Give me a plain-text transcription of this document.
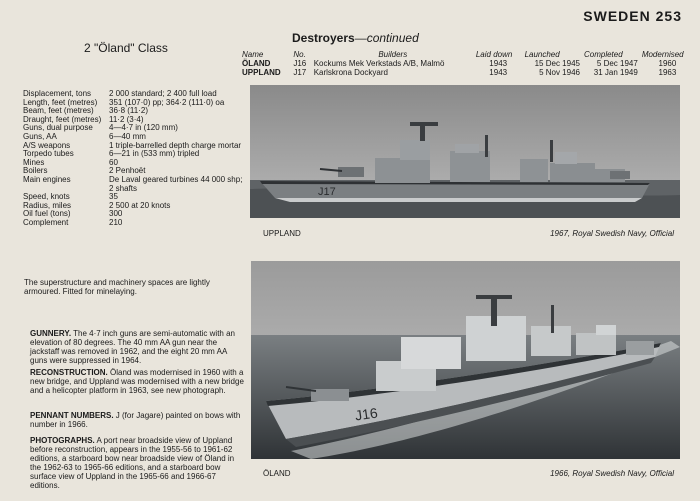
SWEDEN 253
Destroyers—continued
2 "Öland" Class	Name	No.	Builders	Laid down	Launched	Completed	Modernised
ÖLAND	J16	Kockums Mek Verkstads A/B, Malmö	1943	15 Dec 1945	5 Dec 1947	1960
UPPLAND	J17	Karlskrona Dockyard	1943	5 Nov 1946	31 Jan 1949	1963
Displacement, tons	2 000 standard; 2 400 full load
Length, feet (metres)	351 (107·0) pp; 364·2 (111·0) oa
Beam, feet (metres)	36·8 (11·2)
Draught, feet (metres) 11·2 (3·4)
Guns, dual purpose	4—4·7 in (120 mm)
Guns, AA	6—40 mm
A/S weapons	1 triple-barrelled depth charge mortar
Torpedo tubes	6—21 in (533 mm) tripled
Mines	60
Boilers	2 Penhoët
Main engines	De Laval geared turbines 44 000 shp; 2 shafts
Speed, knots	35
Radius, miles	2 500 at 20 knots
Oil fuel (tons)	300
Complement	210
The superstructure and machinery spaces are lightly armoured. Fitted for minelaying.
GUNNERY. The 4·7 inch guns are semi-automatic with an elevation of 80 degrees. The 40 mm AA gun near the jackstaff was removed in 1962, and the eight 20 mm AA guns were suppressed in 1964.
RECONSTRUCTION. Öland was modernised in 1960 with a new bridge, and Uppland was modernised with a new bridge and a helicopter platform in 1963, see new photograph.
PENNANT NUMBERS. J (for Jagare) painted on bows with number in 1966.
PHOTOGRAPHS. A port near broadside view of Uppland before reconstruction, appears in the 1955-56 to 1961-62 editions, a starboard bow near broadside view of Öland in the 1962-63 to 1965-66 editions, and a starboard bow surface view of Uppland in the 1965-66 and 1966-67 editions.
J17
UPPLAND	1967, Royal Swedish Navy, Official
J16
ÖLAND	1966, Royal Swedish Navy, Official
